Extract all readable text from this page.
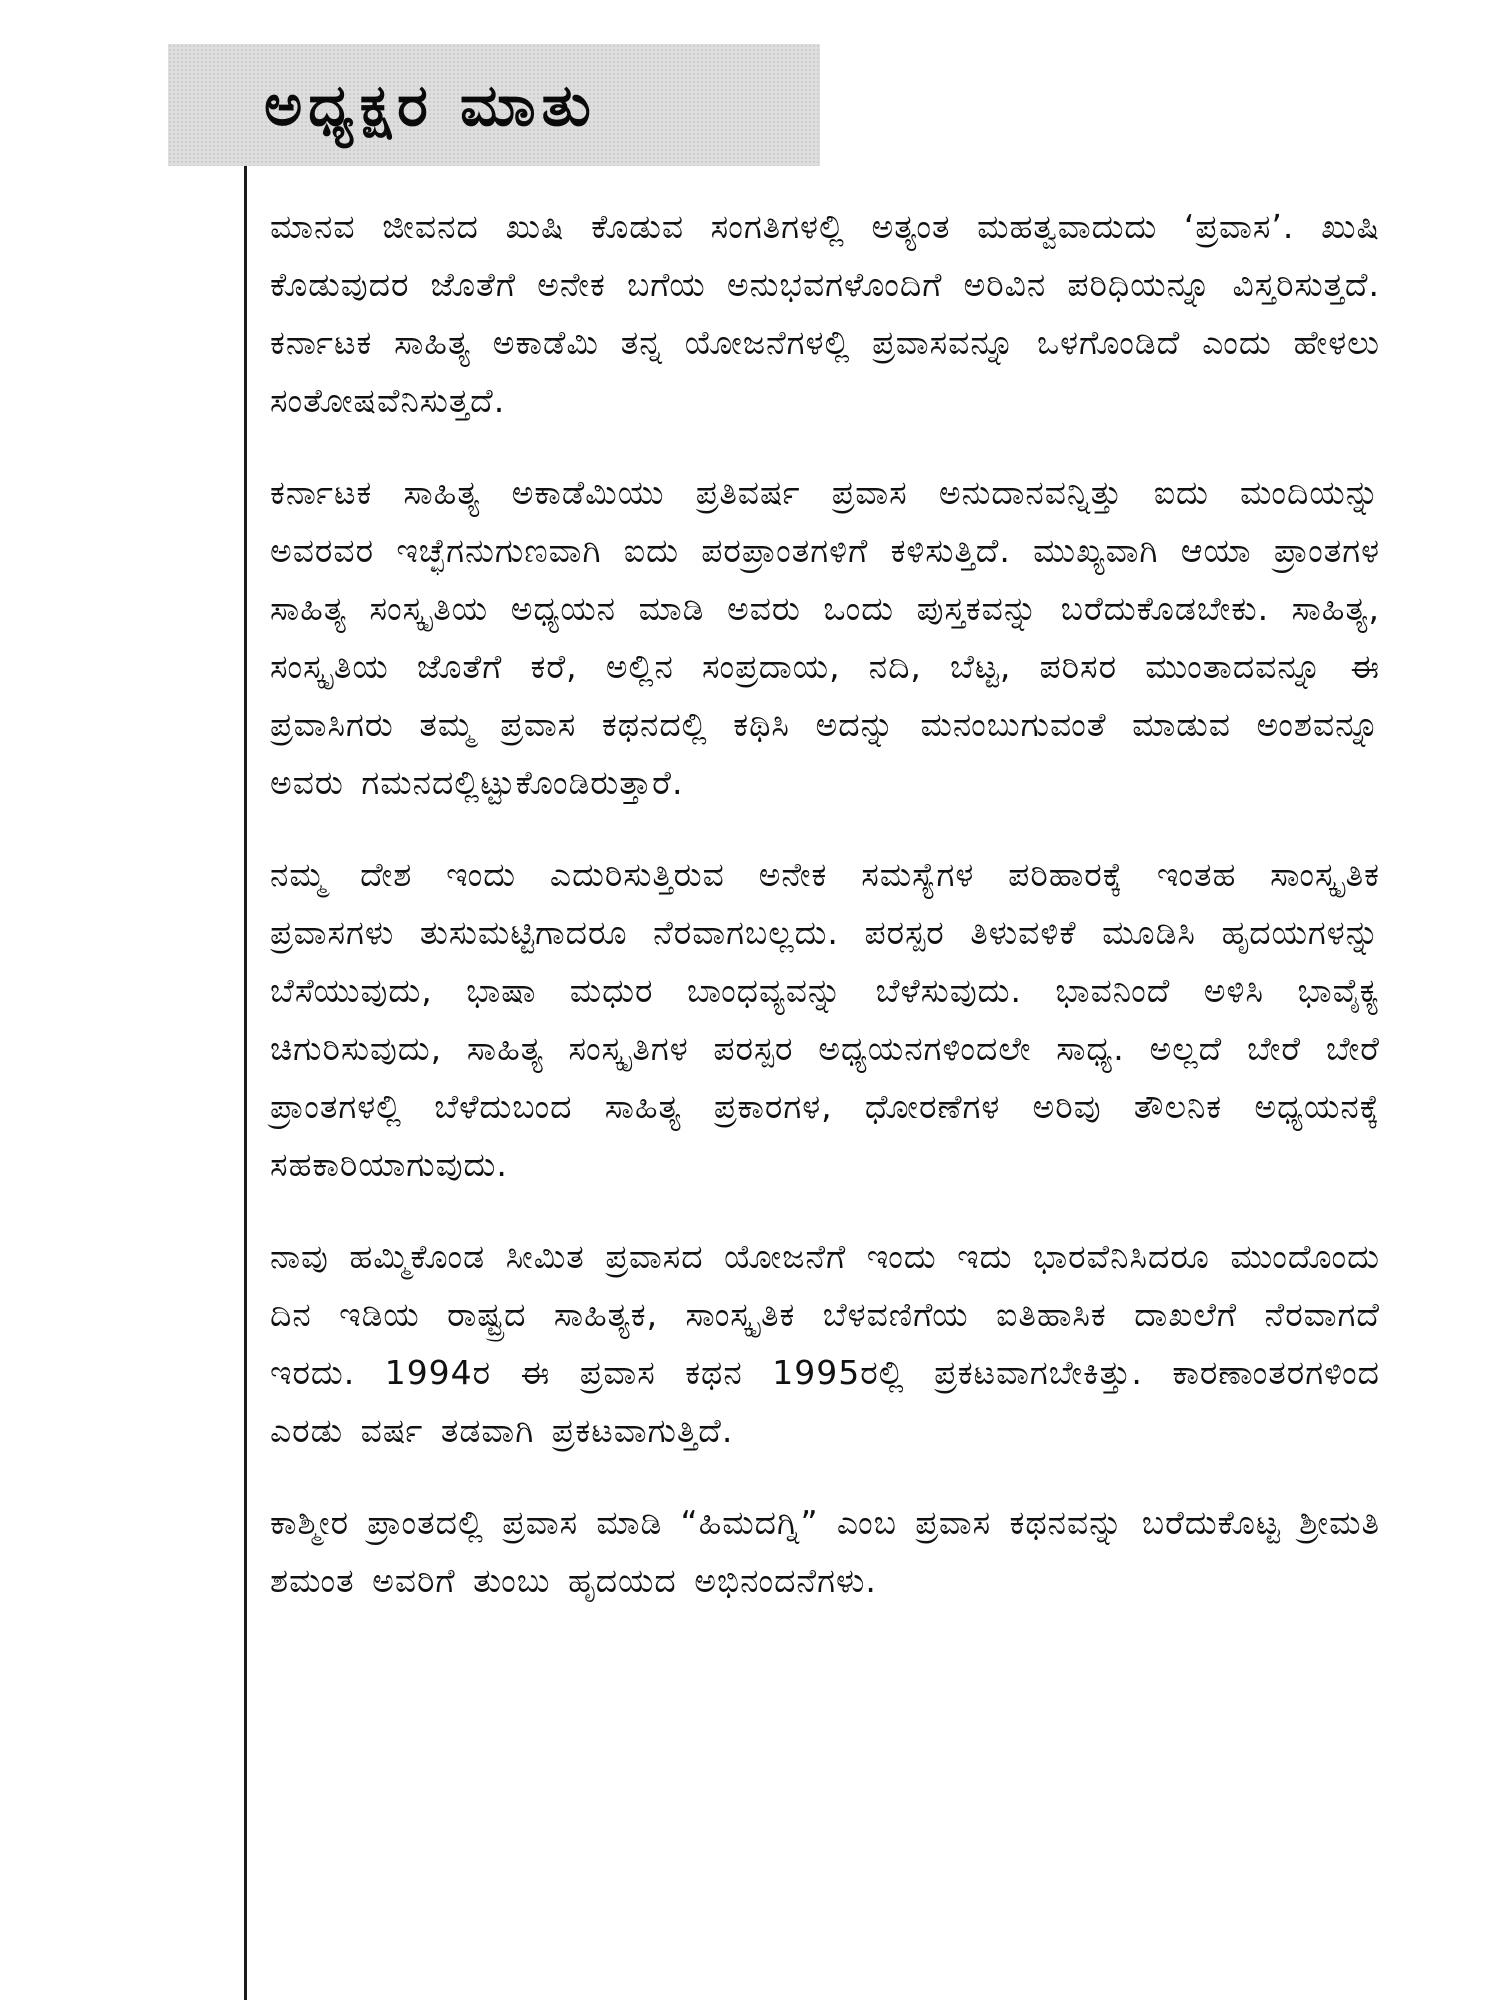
ಅಧ್ಯಕ್ಷರ ಮಾತು

ಮಾನವ ಜೀವನದ ಖುಷಿ ಕೊಡುವ ಸಂಗತಿಗಳಲ್ಲಿ ಅತ್ಯಂತ ಮಹತ್ವವಾದುದು ‘ಪ್ರವಾಸ’. ಖುಷಿ ಕೊಡುವುದರ ಜೊತೆಗೆ ಅನೇಕ ಬಗೆಯ ಅನುಭವಗಳೊಂದಿಗೆ ಅರಿವಿನ ಪರಿಧಿಯನ್ನೂ ವಿಸ್ತರಿಸುತ್ತದೆ. ಕರ್ನಾಟಕ ಸಾಹಿತ್ಯ ಅಕಾಡೆಮಿ ತನ್ನ ಯೋಜನೆಗಳಲ್ಲಿ ಪ್ರವಾಸವನ್ನೂ ಒಳಗೊಂಡಿದೆ ಎಂದು ಹೇಳಲು ಸಂತೋಷವೆನಿಸುತ್ತದೆ.

ಕರ್ನಾಟಕ ಸಾಹಿತ್ಯ ಅಕಾಡೆಮಿಯು ಪ್ರತಿವರ್ಷ ಪ್ರವಾಸ ಅನುದಾನವನ್ನಿತ್ತು ಐದು ಮಂದಿಯನ್ನು ಅವರವರ ಇಚ್ಛೆಗನುಗುಣವಾಗಿ ಐದು ಪರಪ್ರಾಂತಗಳಿಗೆ ಕಳಿಸುತ್ತಿದೆ. ಮುಖ್ಯವಾಗಿ ಆಯಾ ಪ್ರಾಂತಗಳ ಸಾಹಿತ್ಯ ಸಂಸ್ಕೃತಿಯ ಅಧ್ಯಯನ ಮಾಡಿ ಅವರು ಒಂದು ಪುಸ್ತಕವನ್ನು ಬರೆದುಕೊಡಬೇಕು. ಸಾಹಿತ್ಯ, ಸಂಸ್ಕೃತಿಯ ಜೊತೆಗೆ ಕರೆ, ಅಲ್ಲಿನ ಸಂಪ್ರದಾಯ, ನದಿ, ಬೆಟ್ಟ, ಪರಿಸರ ಮುಂತಾದವನ್ನೂ ಈ ಪ್ರವಾಸಿಗರು ತಮ್ಮ ಪ್ರವಾಸ ಕಥನದಲ್ಲಿ ಕಥಿಸಿ ಅದನ್ನು ಮನಂಬುಗುವಂತೆ ಮಾಡುವ ಅಂಶವನ್ನೂ ಅವರು ಗಮನದಲ್ಲಿಟ್ಟುಕೊಂಡಿರುತ್ತಾರೆ.

ನಮ್ಮ ದೇಶ ಇಂದು ಎದುರಿಸುತ್ತಿರುವ ಅನೇಕ ಸಮಸ್ಯೆಗಳ ಪರಿಹಾರಕ್ಕೆ ಇಂತಹ ಸಾಂಸ್ಕೃತಿಕ ಪ್ರವಾಸಗಳು ತುಸುಮಟ್ಟಿಗಾದರೂ ನೆರವಾಗಬಲ್ಲದು. ಪರಸ್ಪರ ತಿಳುವಳಿಕೆ ಮೂಡಿಸಿ ಹೃದಯಗಳನ್ನು ಬೆಸೆಯುವುದು, ಭಾಷಾ ಮಧುರ ಬಾಂಧವ್ಯವನ್ನು ಬೆಳೆಸುವುದು. ಭಾವನಿಂದೆ ಅಳಿಸಿ ಭಾವೈಕ್ಯ ಚಿಗುರಿಸುವುದು, ಸಾಹಿತ್ಯ ಸಂಸ್ಕೃತಿಗಳ ಪರಸ್ಪರ ಅಧ್ಯಯನಗಳಿಂದಲೇ ಸಾಧ್ಯ. ಅಲ್ಲದೆ ಬೇರೆ ಬೇರೆ ಪ್ರಾಂತಗಳಲ್ಲಿ ಬೆಳೆದುಬಂದ ಸಾಹಿತ್ಯ ಪ್ರಕಾರಗಳ, ಧೋರಣೆಗಳ ಅರಿವು ತೌಲನಿಕ ಅಧ್ಯಯನಕ್ಕೆ ಸಹಕಾರಿಯಾಗುವುದು.

ನಾವು ಹಮ್ಮಿಕೊಂಡ ಸೀಮಿತ ಪ್ರವಾಸದ ಯೋಜನೆಗೆ ಇಂದು ಇದು ಭಾರವೆನಿಸಿದರೂ ಮುಂದೊಂದು ದಿನ ಇಡಿಯ ರಾಷ್ಟ್ರದ ಸಾಹಿತ್ಯಕ, ಸಾಂಸ್ಕೃತಿಕ ಬೆಳವಣಿಗೆಯ ಐತಿಹಾಸಿಕ ದಾಖಲೆಗೆ ನೆರವಾಗದೆ ಇರದು. 1994ರ ಈ ಪ್ರವಾಸ ಕಥನ 1995ರಲ್ಲಿ ಪ್ರಕಟವಾಗಬೇಕಿತ್ತು. ಕಾರಣಾಂತರಗಳಿಂದ ಎರಡು ವರ್ಷ ತಡವಾಗಿ ಪ್ರಕಟವಾಗುತ್ತಿದೆ.

ಕಾಶ್ಮೀರ ಪ್ರಾಂತದಲ್ಲಿ ಪ್ರವಾಸ ಮಾಡಿ “ಹಿಮದಗ್ನಿ” ಎಂಬ ಪ್ರವಾಸ ಕಥನವನ್ನು ಬರೆದುಕೊಟ್ಟ ಶ್ರೀಮತಿ ಶಮಂತ ಅವರಿಗೆ ತುಂಬು ಹೃದಯದ ಅಭಿನಂದನೆಗಳು.
